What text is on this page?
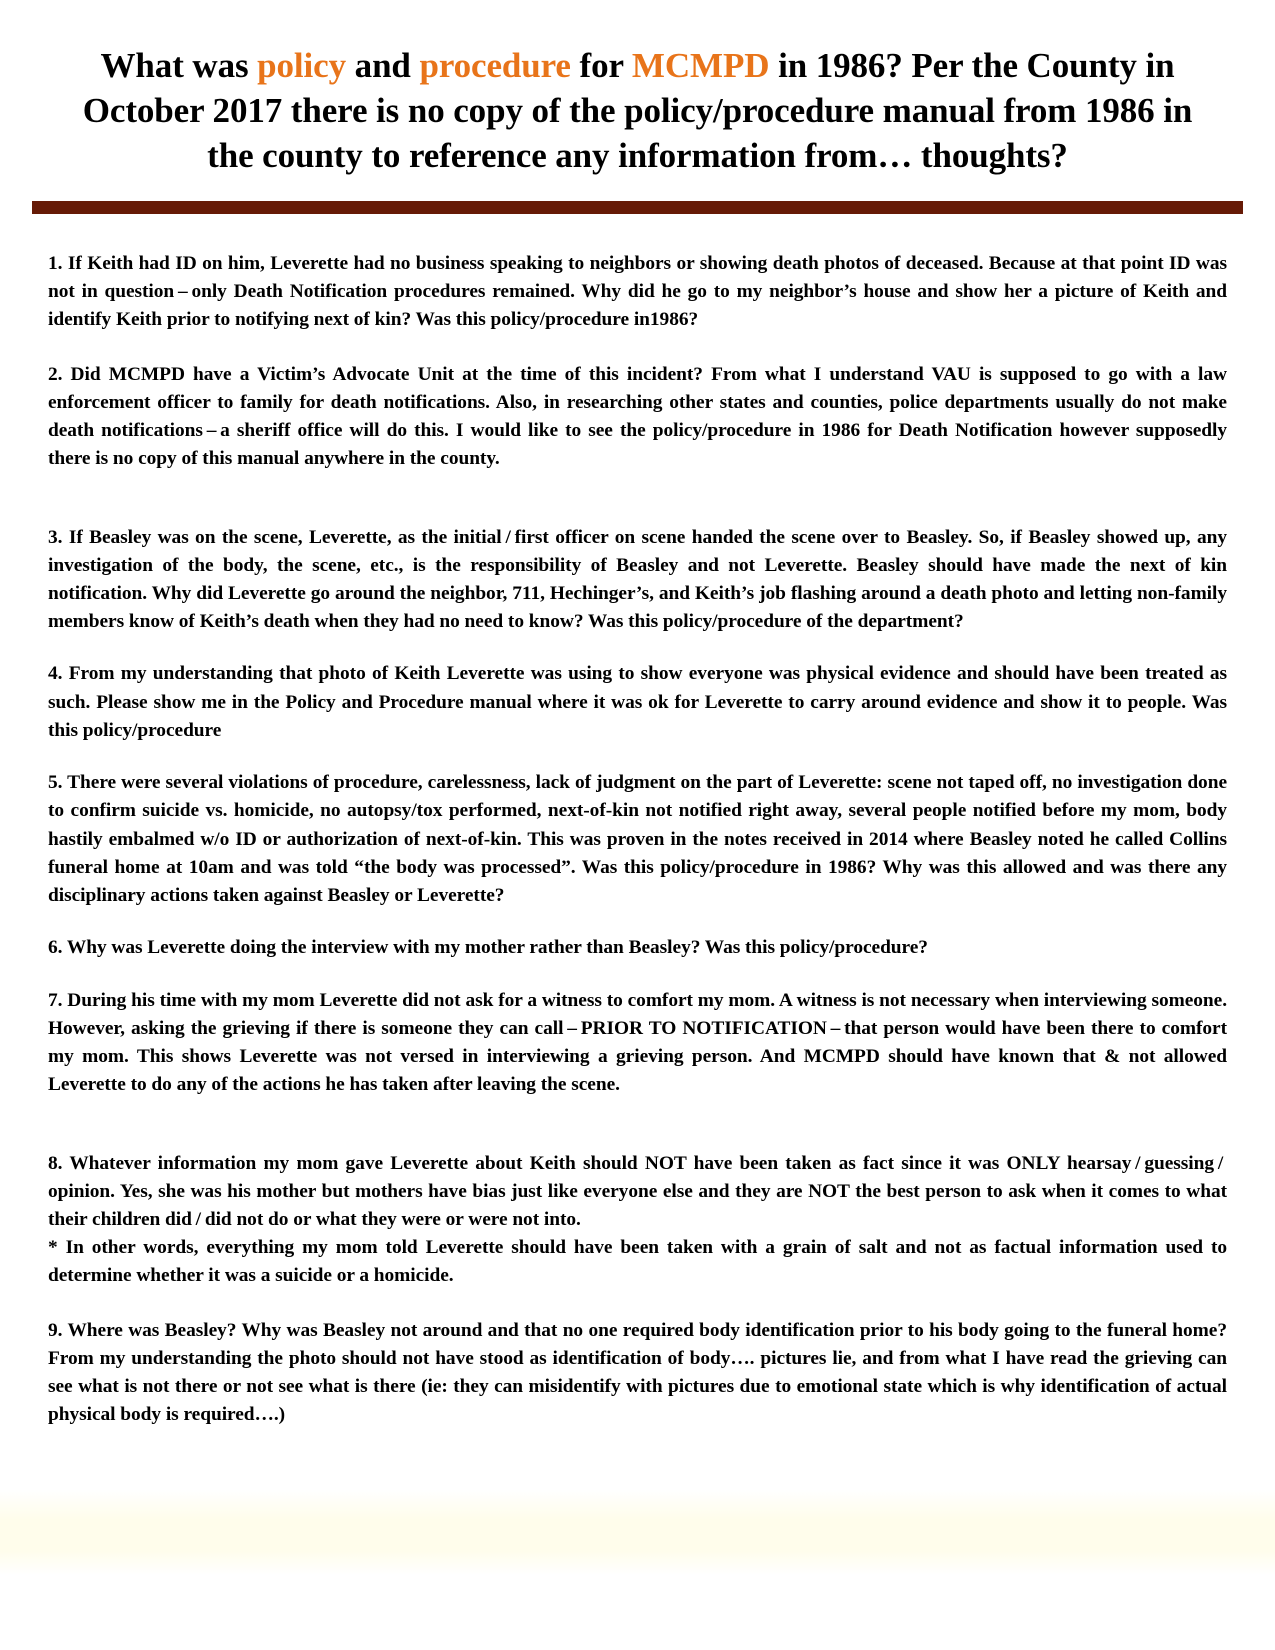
What was policy and procedure for MCMPD in 1986? Per the County in October 2017 there is no copy of the policy/procedure manual from 1986 in the county to reference any information from… thoughts?

1. If Keith had ID on him, Leverette had no business speaking to neighbors or showing death photos of deceased. Because at that point ID was not in question – only Death Notification procedures remained. Why did he go to my neighbor’s house and show her a picture of Keith and identify Keith prior to notifying next of kin? Was this policy/procedure in1986?

2. Did MCMPD have a Victim’s Advocate Unit at the time of this incident? From what I understand VAU is supposed to go with a law enforcement officer to family for death notifications. Also, in researching other states and counties, police departments usually do not make death notifications – a sheriff office will do this. I would like to see the policy/procedure in 1986 for Death Notification however supposedly there is no copy of this manual anywhere in the county.

3. If Beasley was on the scene, Leverette, as the initial / first officer on scene handed the scene over to Beasley. So, if Beasley showed up, any investigation of the body, the scene, etc., is the responsibility of Beasley and not Leverette. Beasley should have made the next of kin notification. Why did Leverette go around the neighbor, 711, Hechinger’s, and Keith’s job flashing around a death photo and letting non-family members know of Keith’s death when they had no need to know? Was this policy/procedure of the department?

4. From my understanding that photo of Keith Leverette was using to show everyone was physical evidence and should have been treated as such. Please show me in the Policy and Procedure manual where it was ok for Leverette to carry around evidence and show it to people. Was this policy/procedure

5. There were several violations of procedure, carelessness, lack of judgment on the part of Leverette: scene not taped off, no investigation done to confirm suicide vs. homicide, no autopsy/tox performed, next-of-kin not notified right away, several people notified before my mom, body hastily embalmed w/o ID or authorization of next-of-kin. This was proven in the notes received in 2014 where Beasley noted he called Collins funeral home at 10am and was told “the body was processed”. Was this policy/procedure in 1986? Why was this allowed and was there any disciplinary actions taken against Beasley or Leverette?

6. Why was Leverette doing the interview with my mother rather than Beasley? Was this policy/procedure?

7. During his time with my mom Leverette did not ask for a witness to comfort my mom. A witness is not necessary when interviewing someone. However, asking the grieving if there is someone they can call – PRIOR TO NOTIFICATION – that person would have been there to comfort my mom. This shows Leverette was not versed in interviewing a grieving person. And MCMPD should have known that & not allowed Leverette to do any of the actions he has taken after leaving the scene.

8. Whatever information my mom gave Leverette about Keith should NOT have been taken as fact since it was ONLY hearsay / guessing / opinion. Yes, she was his mother but mothers have bias just like everyone else and they are NOT the best person to ask when it comes to what their children did / did not do or what they were or were not into.

* In other words, everything my mom told Leverette should have been taken with a grain of salt and not as factual information used to determine whether it was a suicide or a homicide.

9. Where was Beasley? Why was Beasley not around and that no one required body identification prior to his body going to the funeral home? From my understanding the photo should not have stood as identification of body…. pictures lie, and from what I have read the grieving can see what is not there or not see what is there (ie: they can misidentify with pictures due to emotional state which is why identification of actual physical body is required….)
